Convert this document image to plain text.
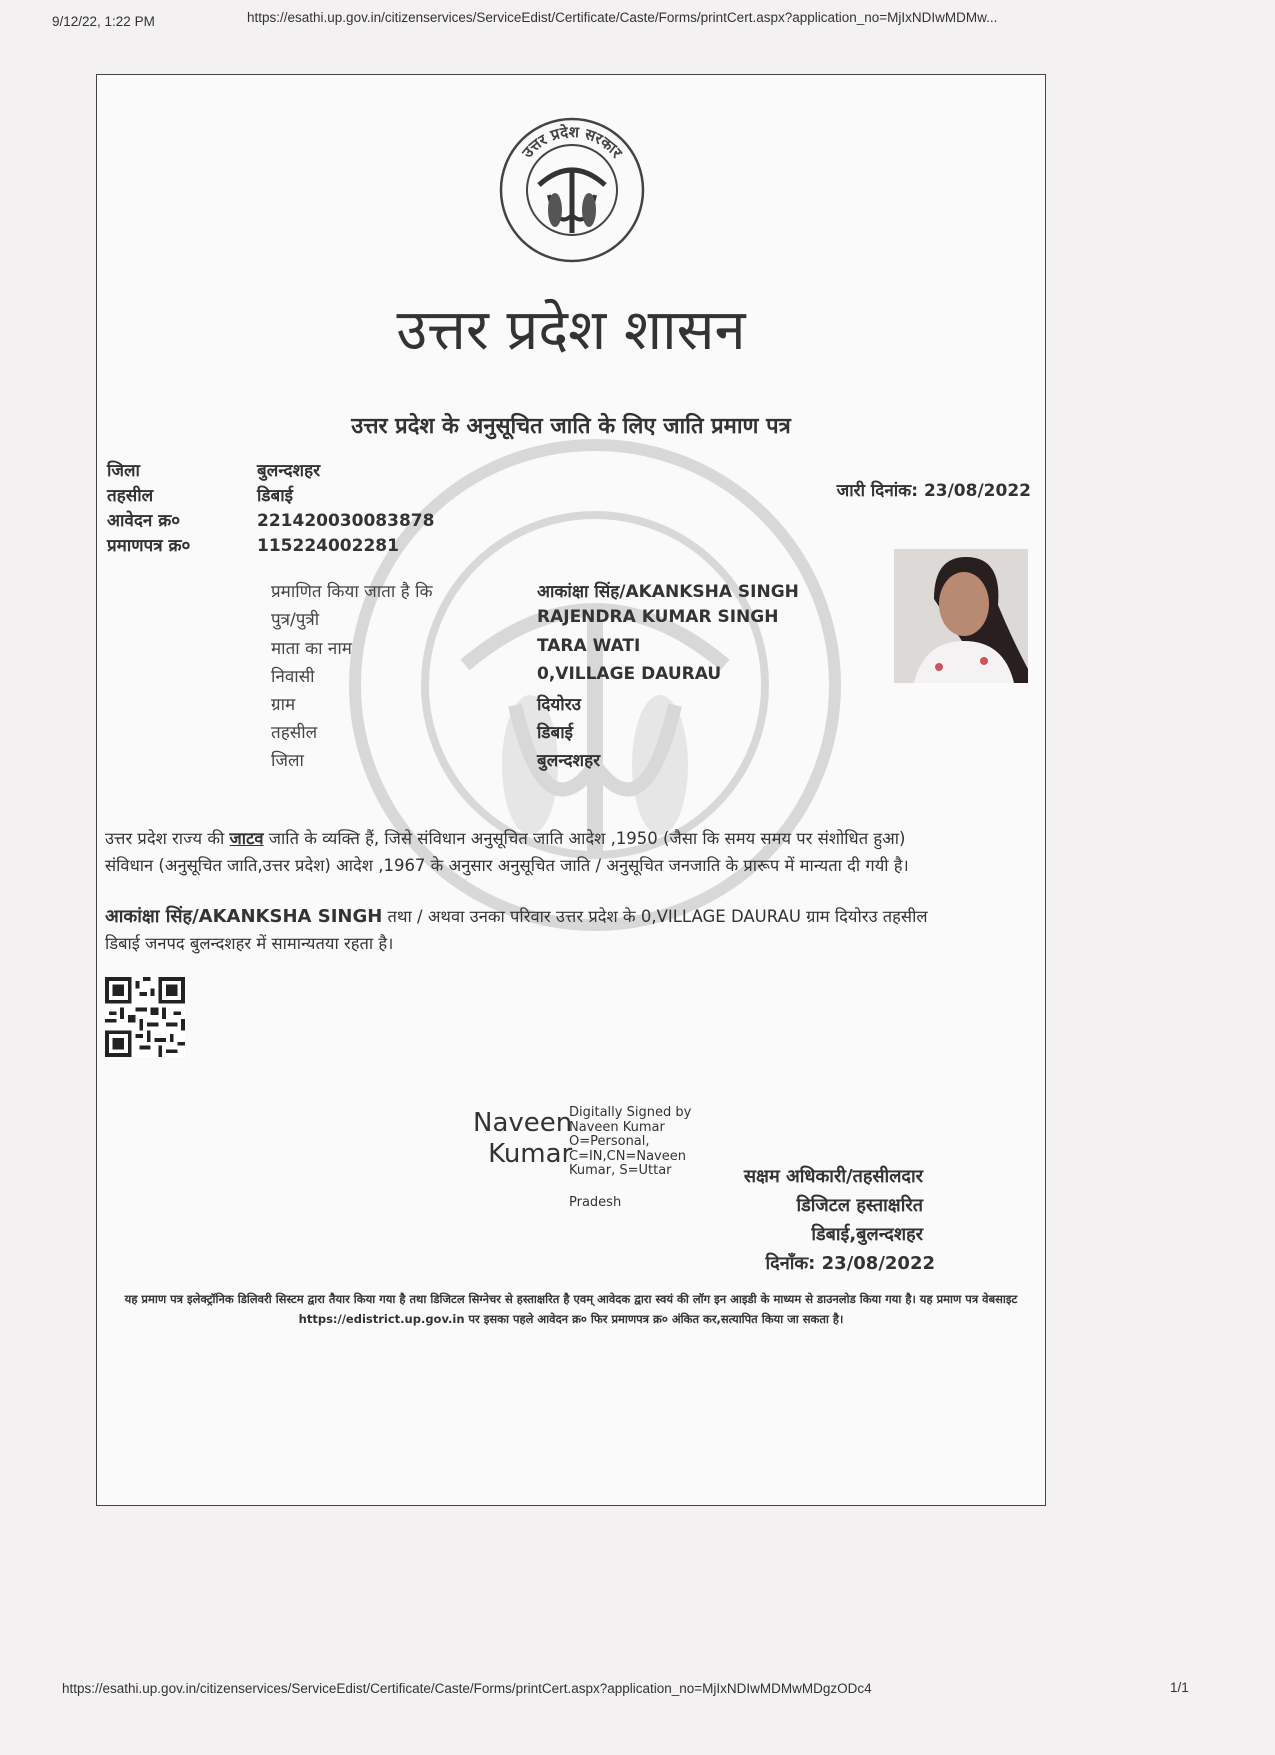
9/12/22, 1:22 PM	https://esathi.up.gov.in/citizenservices/ServiceEdist/Certificate/Caste/Forms/printCert.aspx?application_no=MjIxNDIwMDMw...
उत्तर प्रदेश सरकार
उत्तर प्रदेश शासन
उत्तर प्रदेश के अनुसूचित जाति के लिए जाति प्रमाण पत्र
जिला	बुलन्दशहर
तहसील	डिबाई
आवेदन क्र०	221420030083878
प्रमाणपत्र क्र०	115224002281
जारी दिनांक: 23/08/2022
प्रमाणित किया जाता है कि	आकांक्षा सिंह/AKANKSHA SINGH
पुत्र/पुत्री	RAJENDRA KUMAR SINGH
माता का नाम	TARA WATI
निवासी	0,VILLAGE DAURAU
ग्राम	दियोरउ
तहसील	डिबाई
जिला	बुलन्दशहर
उत्तर प्रदेश राज्य की जाटव जाति के व्यक्ति हैं, जिसे संविधान अनुसूचित जाति आदेश ,1950 (जैसा कि समय समय पर संशोधित हुआ) संविधान (अनुसूचित जाति,उत्तर प्रदेश) आदेश ,1967 के अनुसार अनुसूचित जाति / अनुसूचित जनजाति के प्रारूप में मान्यता दी गयी है।
आकांक्षा सिंह/AKANKSHA SINGH तथा / अथवा उनका परिवार उत्तर प्रदेश के 0,VILLAGE DAURAU ग्राम दियोरउ तहसील डिबाई जनपद बुलन्दशहर में सामान्यतया रहता है।
Naveen
Kumar
Digitally Signed by Naveen Kumar O=Personal, C=IN,CN=Naveen Kumar, S=Uttar
Pradesh
सक्षम अधिकारी/तहसीलदार
डिजिटल हस्ताक्षरित
डिबाई,बुलन्दशहर
दिनाँक: 23/08/2022
यह प्रमाण पत्र इलेक्ट्रॉनिक डिलिवरी सिस्टम द्वारा तैयार किया गया है तथा डिजिटल सिग्नेचर से हस्ताक्षरित है एवम् आवेदक द्वारा स्वयं की लॉग इन आइडी के माध्यम से डाउनलोड किया गया है। यह प्रमाण पत्र वेबसाइट https://edistrict.up.gov.in पर इसका पहले आवेदन क्र० फिर प्रमाणपत्र क्र० अंकित कर,सत्यापित किया जा सकता है।
https://esathi.up.gov.in/citizenservices/ServiceEdist/Certificate/Caste/Forms/printCert.aspx?application_no=MjIxNDIwMDMwMDgzODc4	1/1
